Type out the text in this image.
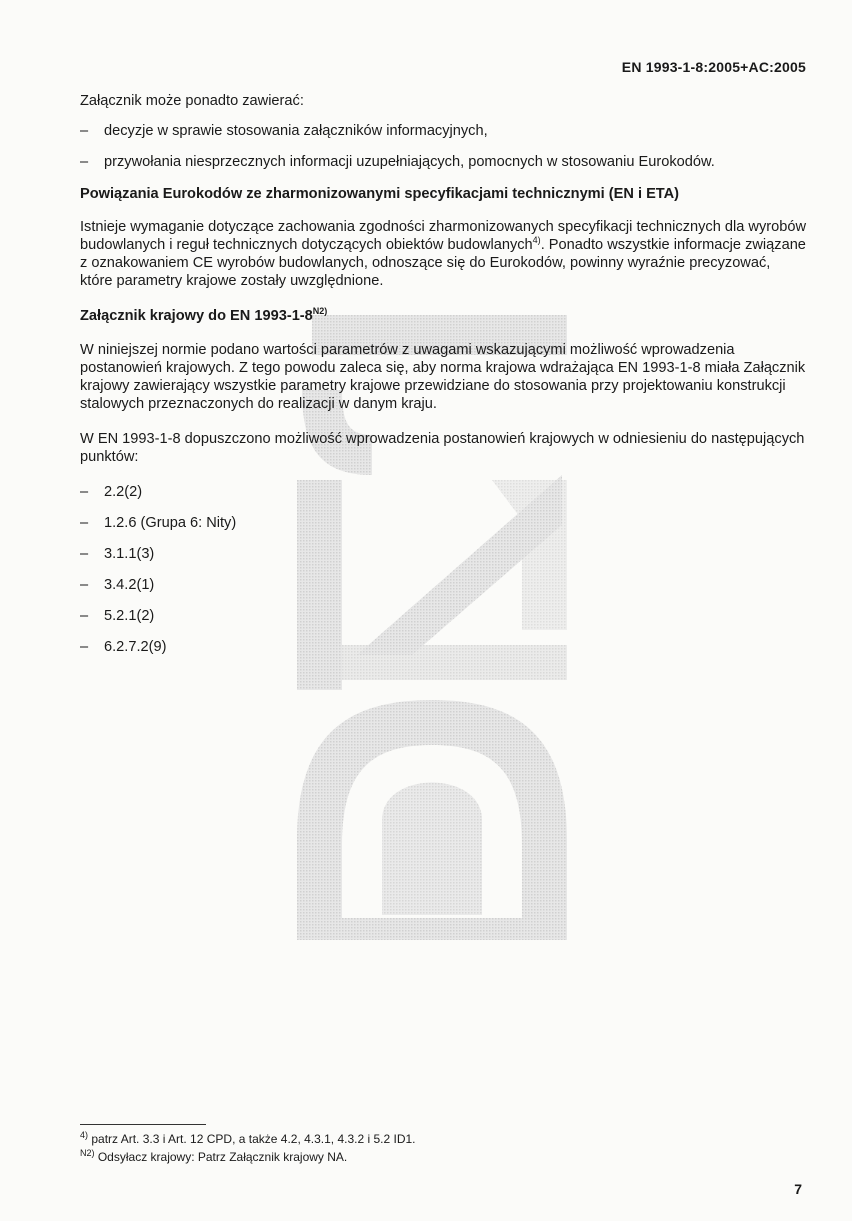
EN 1993-1-8:2005+AC:2005

Załącznik może ponadto zawierać:

– decyzje w sprawie stosowania załączników informacyjnych,
– przywołania niesprzecznych informacji uzupełniających, pomocnych w stosowaniu Eurokodów.
Powiązania Eurokodów ze zharmonizowanymi specyfikacjami technicznymi (EN i ETA)

Istnieje wymaganie dotyczące zachowania zgodności zharmonizowanych specyfikacji technicznych dla wyrobów budowlanych i reguł technicznych dotyczących obiektów budowlanych$^{4)}$. Ponadto wszystkie informacje związane z oznakowaniem CE wyrobów budowlanych, odnoszące się do Eurokodów, powinny wyraźnie precyzować, które parametry krajowe zostały uwzględnione.

Załącznik krajowy do EN $1993-1-8^{N2)}$

W niniejszej normie podano wartości parametrów z uwagami wskazującymi możliwość wprowadzenia postanowień krajowych. Z tego powodu zaleca się, aby norma krajowa wdrażająca EN 1993-1-8 miała Załącznik krajowy zawierający wszystkie parametry krajowe przewidziane do stosowania przy projektowaniu konstrukcji stalowych przeznaczonych do realizacji w danym kraju.

W EN 1993-1-8 dopuszczono możliwość wprowadzenia postanowień krajowych w odniesieniu do następujących punktów:

– 2.2(2)
– 1.2.6 (Grupa 6: Nity)
– 3.1.1(3)
– 3.4.2(1)
– 5.2.1(2)
– 6.2.7.2(9)
$^{4)}$ patrz Art. 3.3 i Art. 12 CPD, a także 4.2, 4.3.1, 4.3.2 i 5.2 ID1.
$^{N2)}$ Odsyłacz krajowy: Patrz Załącznik krajowy NA.
7
